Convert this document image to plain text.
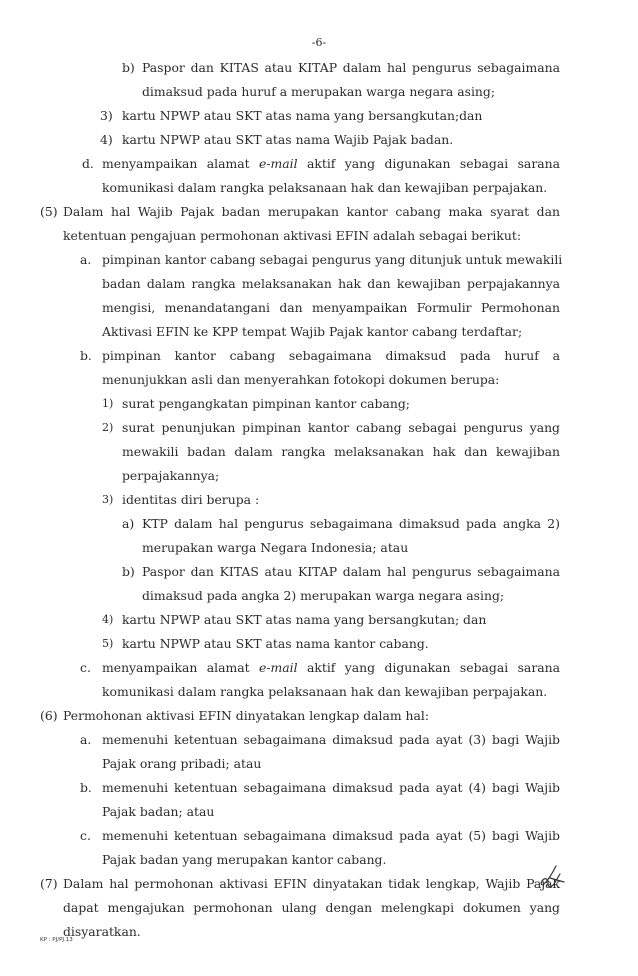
-6-
b) Paspor dan KITAS atau KITAP dalam hal pengurus sebagaimana
dimaksud pada huruf a merupakan warga negara asing;
3) kartu NPWP atau SKT atas nama yang bersangkutan;dan
4) kartu NPWP atau SKT atas nama Wajib Pajak badan.
d. menyampaikan alamat e-mail aktif yang digunakan sebagai sarana
komunikasi dalam rangka pelaksanaan hak dan kewajiban perpajakan.
(5) Dalam hal Wajib Pajak badan merupakan kantor cabang maka syarat dan
ketentuan pengajuan permohonan aktivasi EFIN adalah sebagai berikut:
a. pimpinan kantor cabang sebagai pengurus yang ditunjuk untuk mewakili
badan dalam rangka melaksanakan hak dan kewajiban perpajakannya
mengisi, menandatangani dan menyampaikan Formulir Permohonan
Aktivasi EFIN ke KPP tempat Wajib Pajak kantor cabang terdaftar;
b. pimpinan kantor cabang sebagaimana dimaksud pada huruf a
menunjukkan asli dan menyerahkan fotokopi dokumen berupa:
1) surat pengangkatan pimpinan kantor cabang;
2) surat penunjukan pimpinan kantor cabang sebagai pengurus yang
mewakili badan dalam rangka melaksanakan hak dan kewajiban
perpajakannya;
3) identitas diri berupa :
a) KTP dalam hal pengurus sebagaimana dimaksud pada angka 2)
merupakan warga Negara Indonesia; atau
b) Paspor dan KITAS atau KITAP dalam hal pengurus sebagaimana
dimaksud pada angka 2) merupakan warga negara asing;
4) kartu NPWP atau SKT atas nama yang bersangkutan; dan
5) kartu NPWP atau SKT atas nama kantor cabang.
c. menyampaikan alamat e-mail aktif yang digunakan sebagai sarana
komunikasi dalam rangka pelaksanaan hak dan kewajiban perpajakan.
(6) Permohonan aktivasi EFIN dinyatakan lengkap dalam hal:
a. memenuhi ketentuan sebagaimana dimaksud pada ayat (3) bagi Wajib
Pajak orang pribadi; atau
b. memenuhi ketentuan sebagaimana dimaksud pada ayat (4) bagi Wajib
Pajak badan; atau
c. memenuhi ketentuan sebagaimana dimaksud pada ayat (5) bagi Wajib
Pajak badan yang merupakan kantor cabang.
(7) Dalam hal permohonan aktivasi EFIN dinyatakan tidak lengkap, Wajib Pajak
dapat mengajukan permohonan ulang dengan melengkapi dokumen yang
disyaratkan.
KP : PJ/PJ.13
